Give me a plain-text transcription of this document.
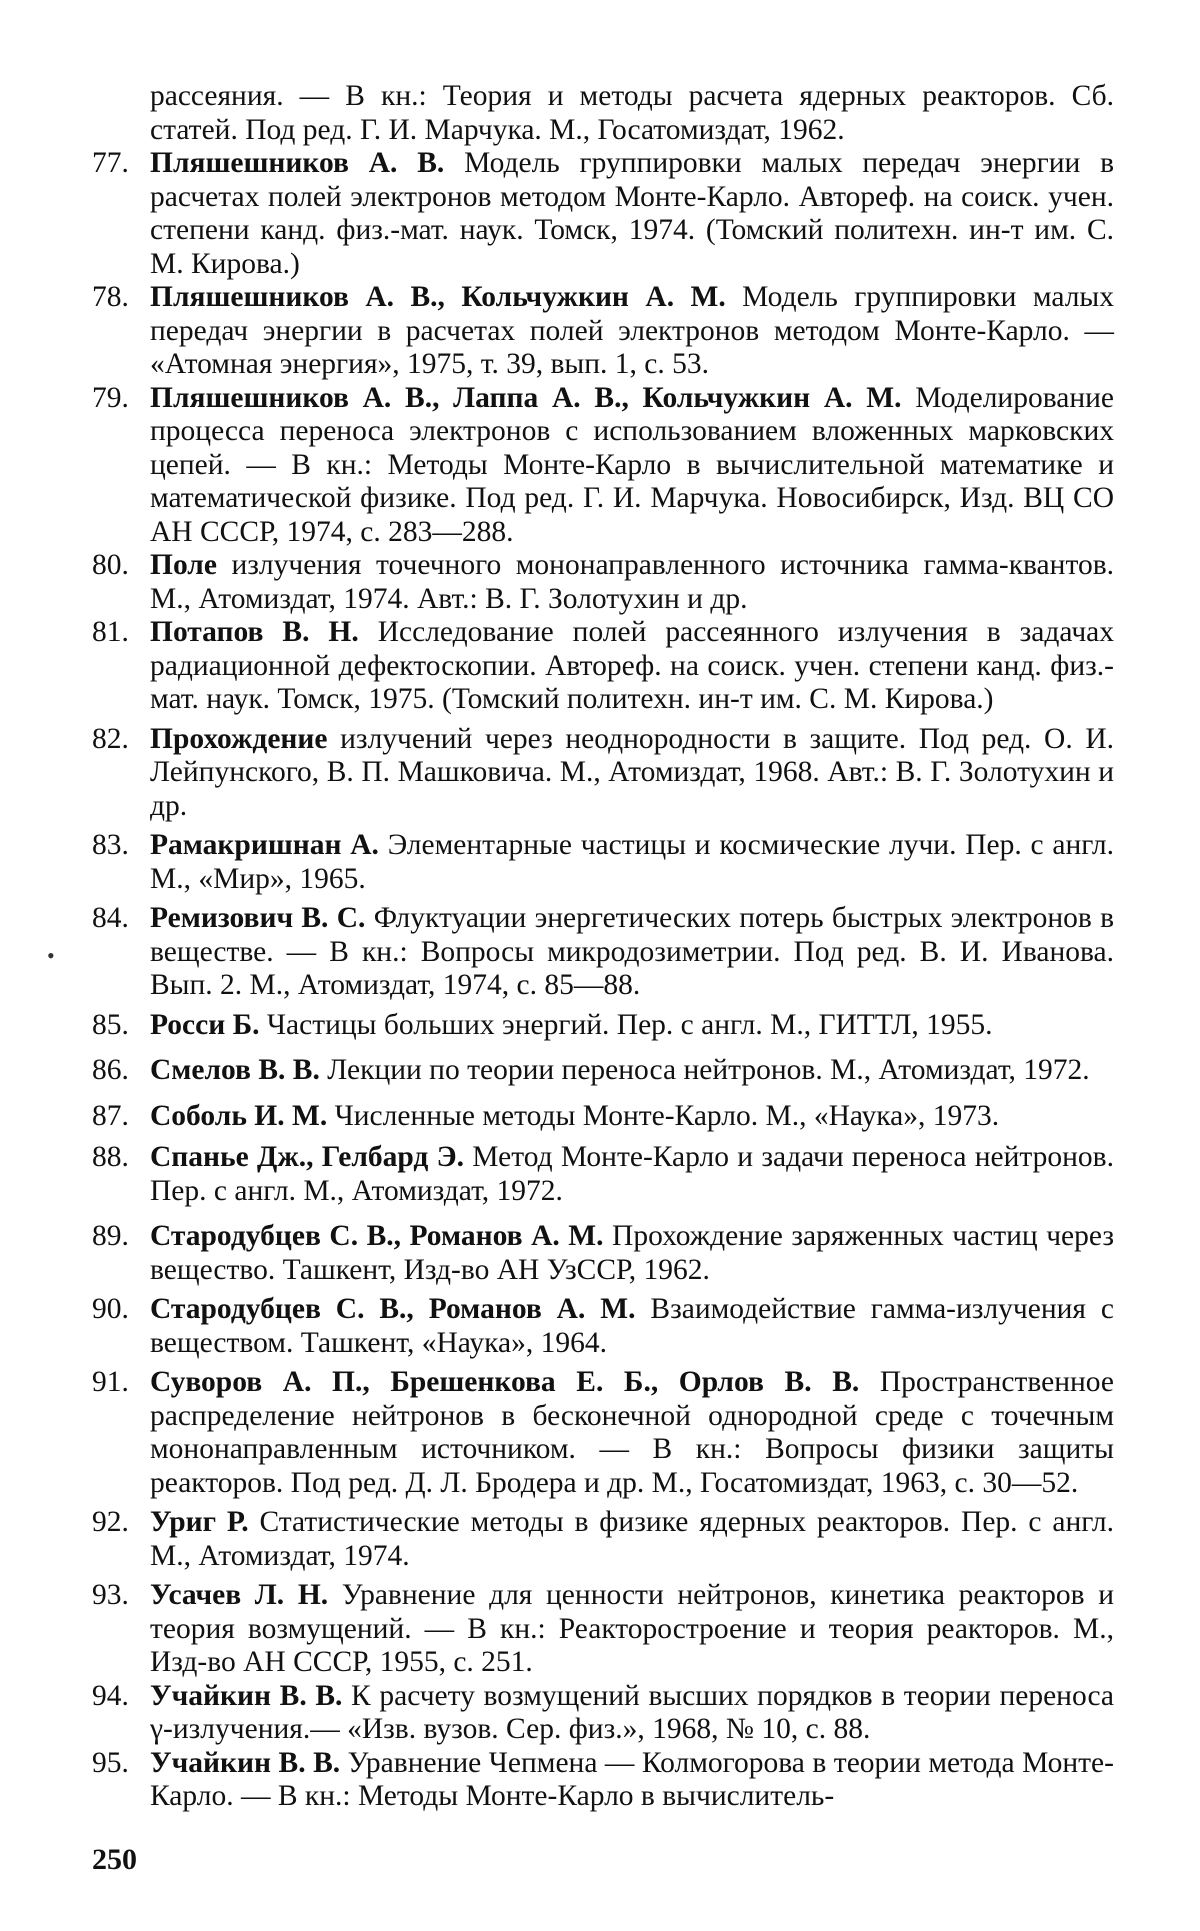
рассеяния. — В кн.: Теория и методы расчета ядерных реакторов. Сб. статей. Под ред. Г. И. Марчука. М., Госатомиздат, 1962.
77. Пляшешников А. В. Модель группировки малых передач энергии в расчетах полей электронов методом Монте-Карло. Автореф. на соиск. учен. степени канд. физ.-мат. наук. Томск, 1974. (Томский политехн. ин-т им. С. М. Кирова.)
78. Пляшешников А. В., Кольчужкин А. М. Модель группировки малых передач энергии в расчетах полей электронов методом Монте-Карло. — «Атомная энергия», 1975, т. 39, вып. 1, с. 53.
79. Пляшешников А. В., Лаппа А. В., Кольчужкин А. М. Моделирование процесса переноса электронов с использованием вложенных марковских цепей. — В кн.: Методы Монте-Карло в вычислительной математике и математической физике. Под ред. Г. И. Марчука. Новосибирск, Изд. ВЦ СО АН СССР, 1974, с. 283—288.
80. Поле излучения точечного мононаправленного источника гамма-квантов. М., Атомиздат, 1974. Авт.: В. Г. Золотухин и др.
81. Потапов В. Н. Исследование полей рассеянного излучения в задачах радиационной дефектоскопии. Автореф. на соиск. учен. степени канд. физ.-мат. наук. Томск, 1975. (Томский политехн. ин-т им. С. М. Кирова.)
82. Прохождение излучений через неоднородности в защите. Под ред. О. И. Лейпунского, В. П. Машковича. М., Атомиздат, 1968. Авт.: В. Г. Золотухин и др.
83. Рамакришнан А. Элементарные частицы и космические лучи. Пер. с англ. М., «Мир», 1965.
84. Ремизович В. С. Флуктуации энергетических потерь быстрых электронов в веществе. — В кн.: Вопросы микродозиметрии. Под ред. В. И. Иванова. Вып. 2. М., Атомиздат, 1974, с. 85—88.
85. Росси Б. Частицы больших энергий. Пер. с англ. М., ГИТТЛ, 1955.
86. Смелов В. В. Лекции по теории переноса нейтронов. М., Атомиздат, 1972.
87. Соболь И. М. Численные методы Монте-Карло. М., «Наука», 1973.
88. Спанье Дж., Гелбард Э. Метод Монте-Карло и задачи переноса нейтронов. Пер. с англ. М., Атомиздат, 1972.
89. Стародубцев С. В., Романов А. М. Прохождение заряженных частиц через вещество. Ташкент, Изд-во АН УзССР, 1962.
90. Стародубцев С. В., Романов А. М. Взаимодействие гамма-излучения с веществом. Ташкент, «Наука», 1964.
91. Суворов А. П., Брешенкова Е. Б., Орлов В. В. Пространственное распределение нейтронов в бесконечной однородной среде с точечным мононаправленным источником. — В кн.: Вопросы физики защиты реакторов. Под ред. Д. Л. Бродера и др. М., Госатомиздат, 1963, с. 30—52.
92. Уриг Р. Статистические методы в физике ядерных реакторов. Пер. с англ. М., Атомиздат, 1974.
93. Усачев Л. Н. Уравнение для ценности нейтронов, кинетика реакторов и теория возмущений. — В кн.: Реакторостроение и теория реакторов. М., Изд-во АН СССР, 1955, с. 251.
94. Учайкин В. В. К расчету возмущений высших порядков в теории переноса γ-излучения.— «Изв. вузов. Сер. физ.», 1968, № 10, с. 88.
95. Учайкин В. В. Уравнение Чепмена — Колмогорова в теории метода Монте-Карло. — В кн.: Методы Монте-Карло в вычислитель-
•
250
